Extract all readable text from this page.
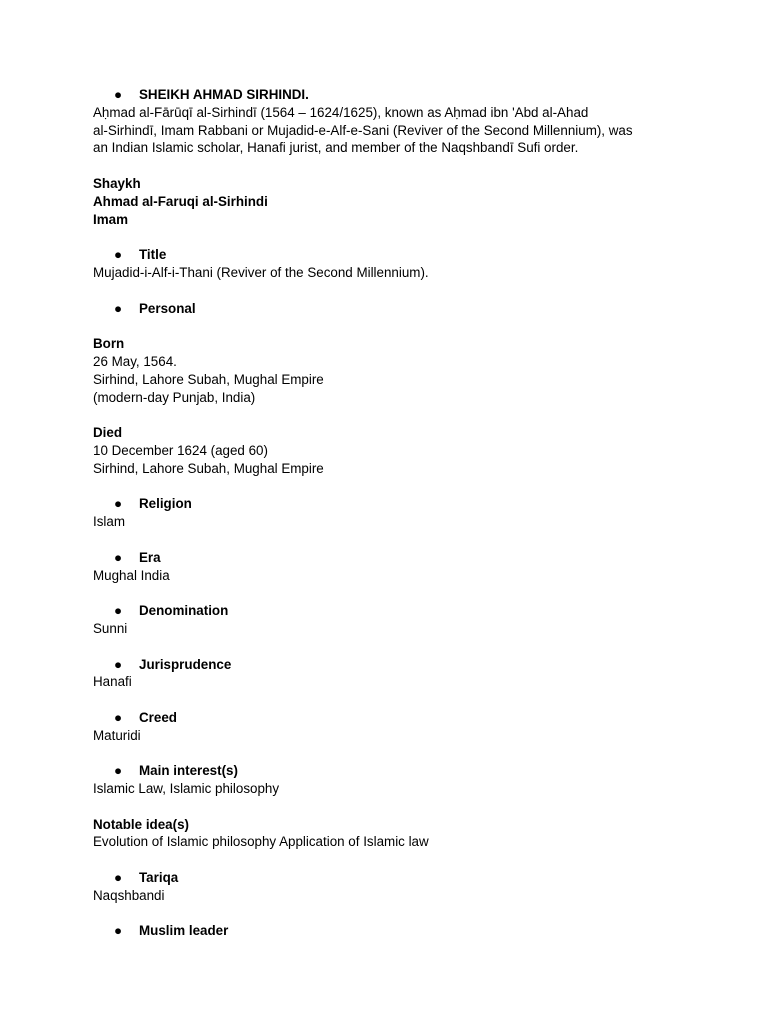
● SHEIKH AHMAD SIRHINDI.
Aḥmad al-Fārūqī al-Sirhindī (1564 – 1624/1625), known as Aḥmad ibn 'Abd al-Ahad
al-Sirhindī, Imam Rabbani or Mujadid-e-Alf-e-Sani (Reviver of the Second Millennium), was
an Indian Islamic scholar, Hanafi jurist, and member of the Naqshbandī Sufi order.
Shaykh
Ahmad al-Faruqi al-Sirhindi
Imam
● Title
Mujadid-i-Alf-i-Thani (Reviver of the Second Millennium).
● Personal
Born
26 May, 1564.
Sirhind, Lahore Subah, Mughal Empire
(modern-day Punjab, India)
Died
10 December 1624 (aged 60)
Sirhind, Lahore Subah, Mughal Empire
● Religion
Islam
● Era
Mughal India
● Denomination
Sunni
● Jurisprudence
Hanafi
● Creed
Maturidi
● Main interest(s)
Islamic Law, Islamic philosophy
Notable idea(s)
Evolution of Islamic philosophy Application of Islamic law
● Tariqa
Naqshbandi
● Muslim leader
